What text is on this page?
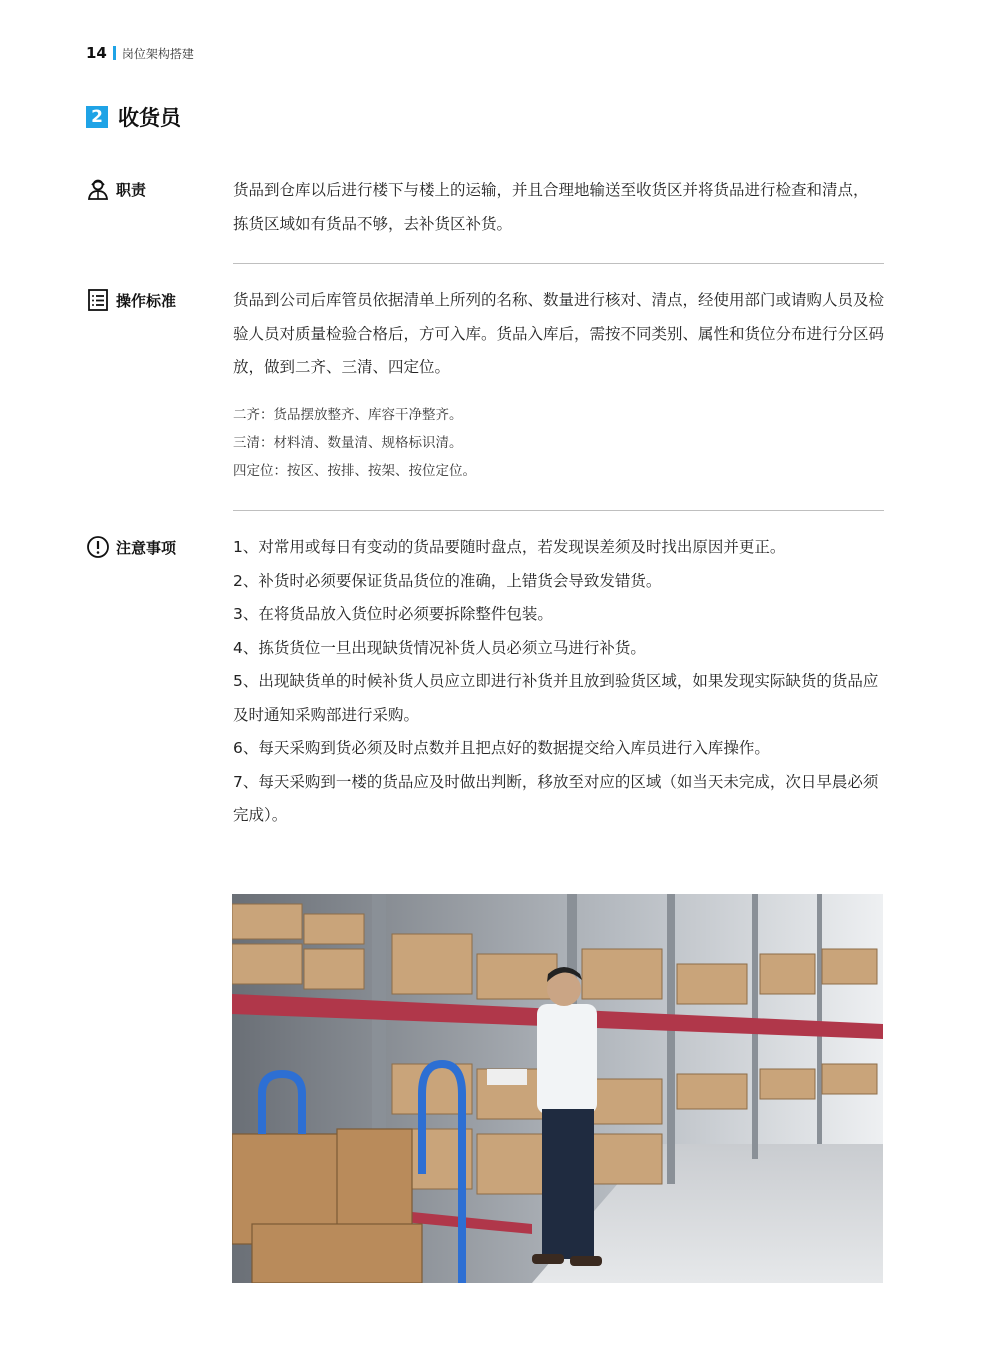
14 岗位架构搭建
2 收货员
职责	货品到仓库以后进行楼下与楼上的运输，并且合理地输送至收货区并将货品进行检查和清点， 拣货区域如有货品不够，去补货区补货。
操作标准	货品到公司后库管员依据清单上所列的名称、数量进行核对、清点，经使用部门或请购人员及检验人员对质量检验合格后，方可入库。货品入库后，需按不同类别、属性和货位分布进行分区码放，做到二齐、三清、四定位。
二齐：货品摆放整齐、库容干净整齐。
三清：材料清、数量清、规格标识清。
四定位：按区、按排、按架、按位定位。
注意事项	1、对常用或每日有变动的货品要随时盘点，若发现误差须及时找出原因并更正。
2、补货时必须要保证货品货位的准确，上错货会导致发错货。
3、在将货品放入货位时必须要拆除整件包装。
4、拣货货位一旦出现缺货情况补货人员必须立马进行补货。
5、出现缺货单的时候补货人员应立即进行补货并且放到验货区域，如果发现实际缺货的货品应及时通知采购部进行采购。
6、每天采购到货必须及时点数并且把点好的数据提交给入库员进行入库操作。
7、每天采购到一楼的货品应及时做出判断，移放至对应的区域（如当天未完成，次日早晨必须完成）。
